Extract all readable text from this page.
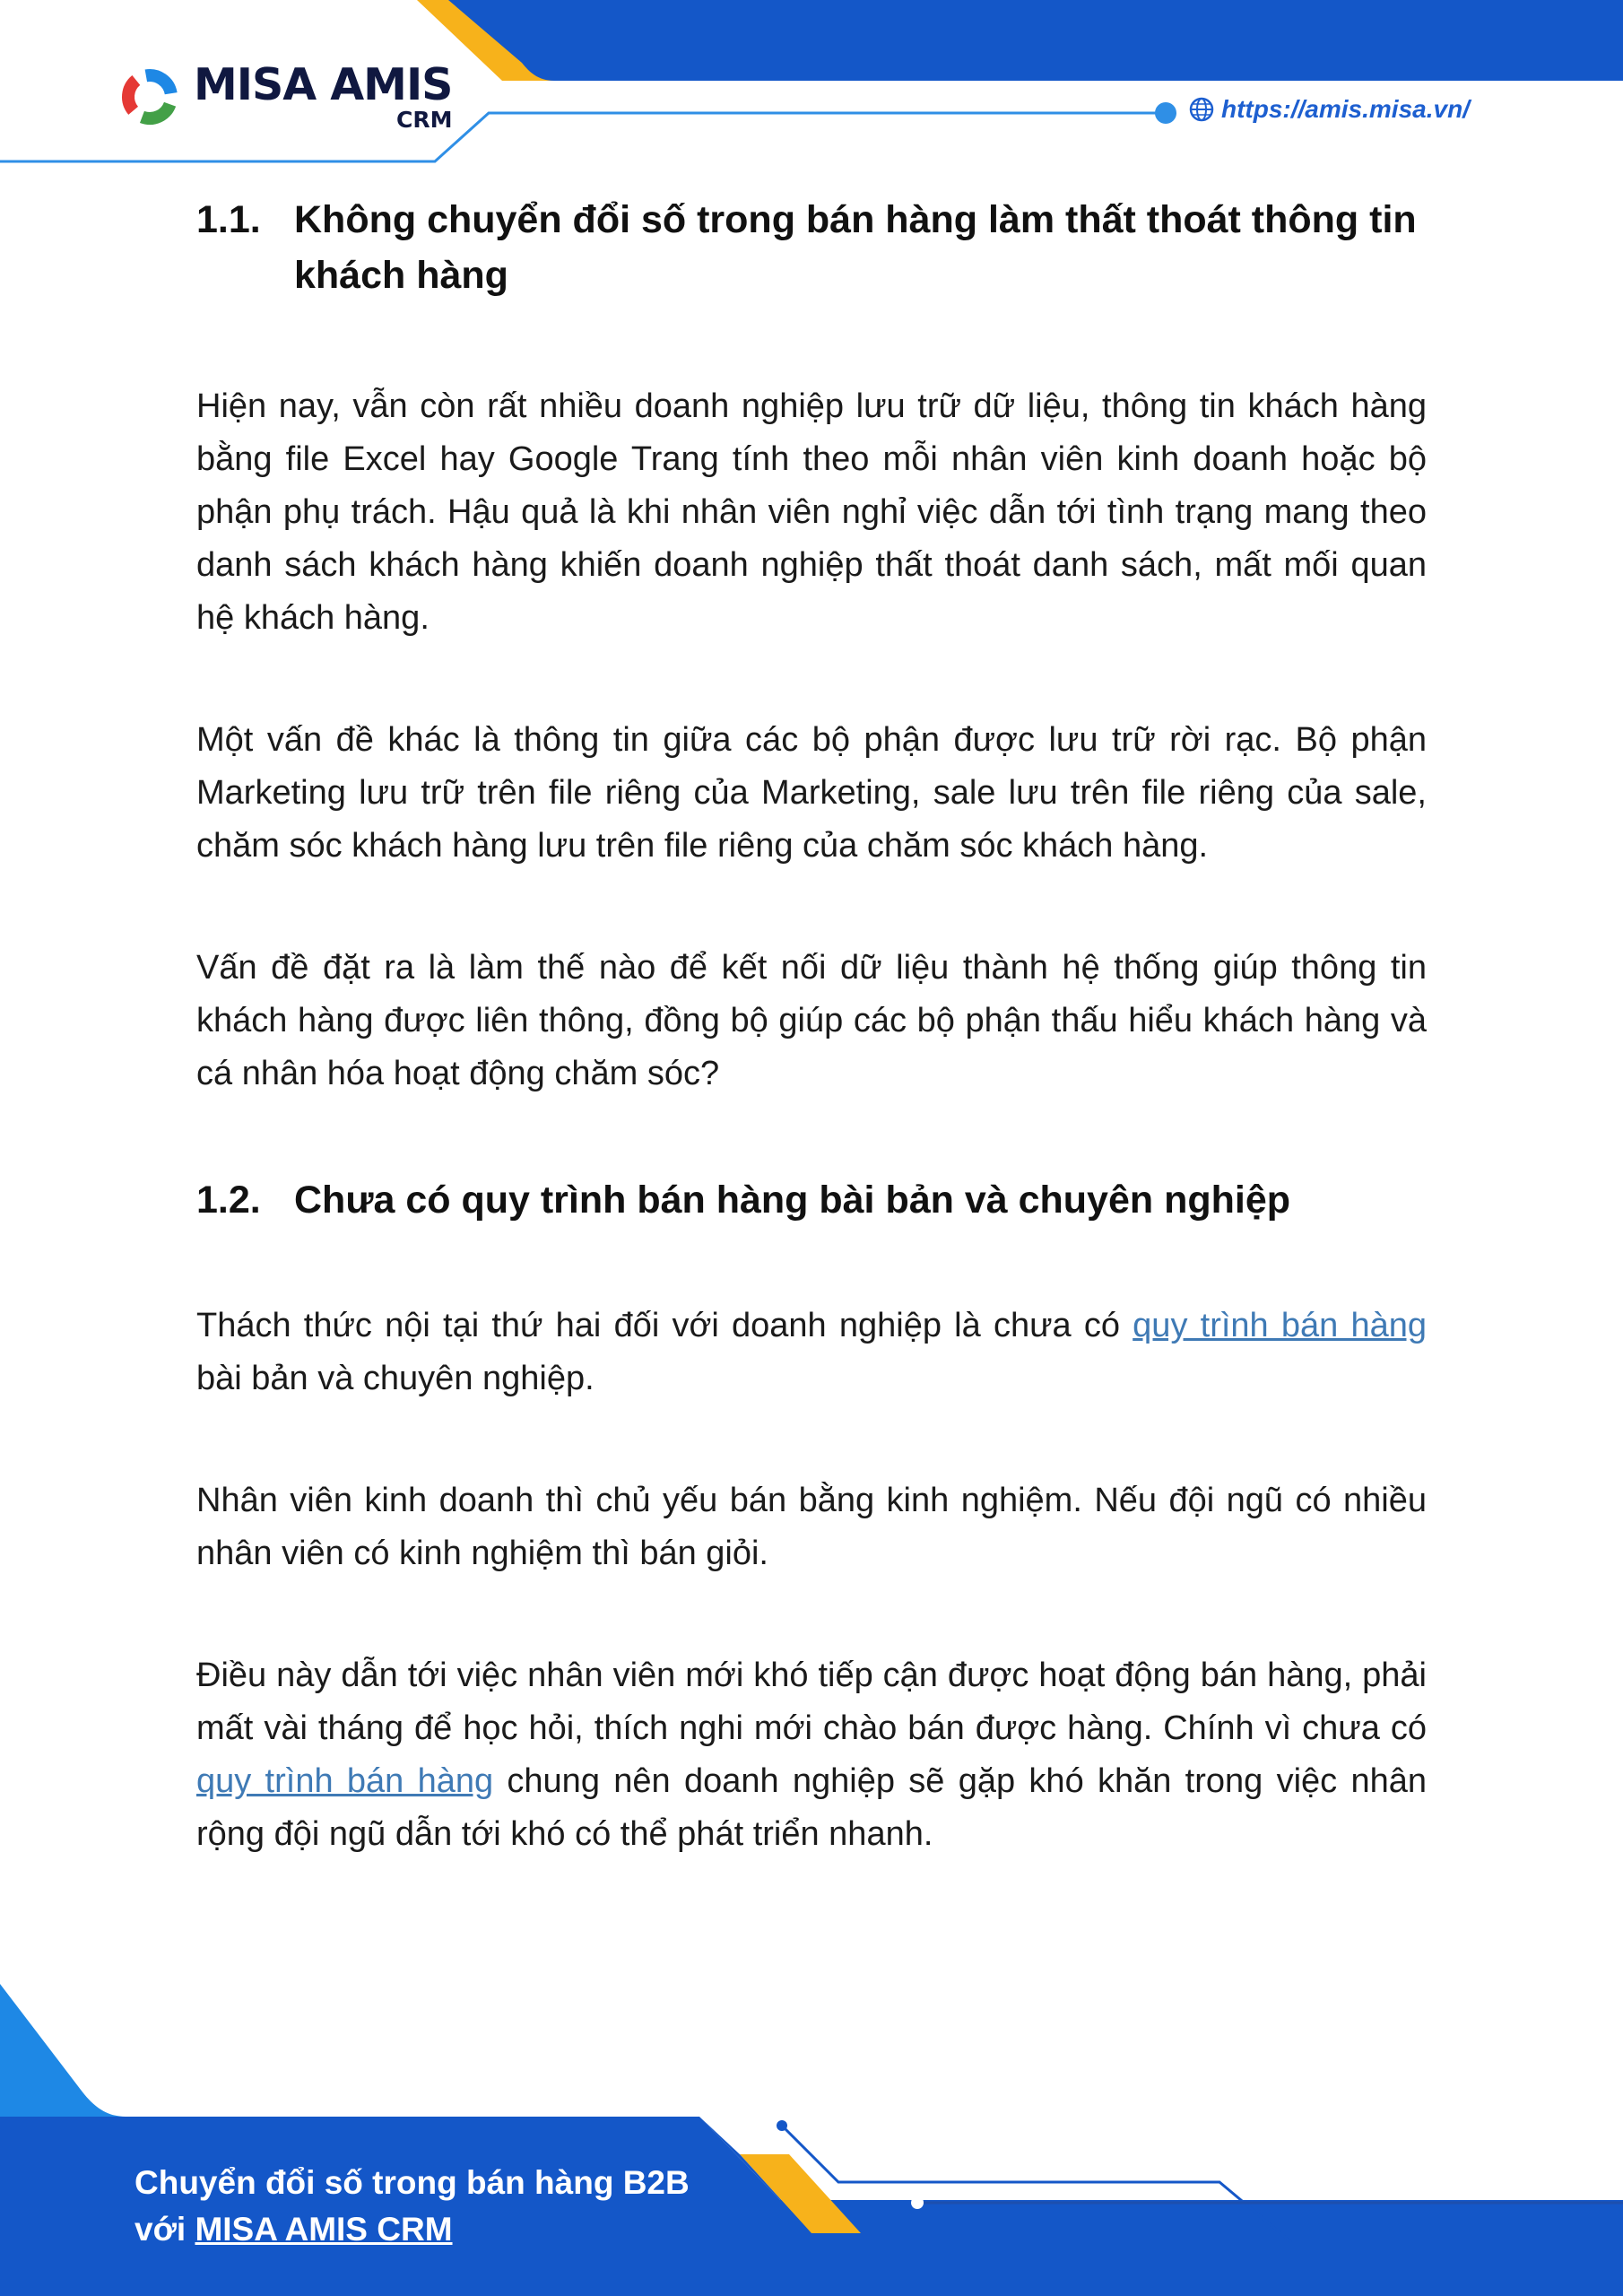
MISA AMIS
CRM	https://amis.misa.vn/
1.1. Không chuyển đổi số trong bán hàng làm thất thoát thông tin khách hàng

Hiện nay, vẫn còn rất nhiều doanh nghiệp lưu trữ dữ liệu, thông tin khách hàng bằng file Excel hay Google Trang tính theo mỗi nhân viên kinh doanh hoặc bộ phận phụ trách. Hậu quả là khi nhân viên nghỉ việc dẫn tới tình trạng mang theo danh sách khách hàng khiến doanh nghiệp thất thoát danh sách, mất mối quan hệ khách hàng.

Một vấn đề khác là thông tin giữa các bộ phận được lưu trữ rời rạc. Bộ phận Marketing lưu trữ trên file riêng của Marketing, sale lưu trên file riêng của sale, chăm sóc khách hàng lưu trên file riêng của chăm sóc khách hàng.

Vấn đề đặt ra là làm thế nào để kết nối dữ liệu thành hệ thống giúp thông tin khách hàng được liên thông, đồng bộ giúp các bộ phận thấu hiểu khách hàng và cá nhân hóa hoạt động chăm sóc?

1.2. Chưa có quy trình bán hàng bài bản và chuyên nghiệp

Thách thức nội tại thứ hai đối với doanh nghiệp là chưa có quy trình bán hàng bài bản và chuyên nghiệp.

Nhân viên kinh doanh thì chủ yếu bán bằng kinh nghiệm. Nếu đội ngũ có nhiều nhân viên có kinh nghiệm thì bán giỏi.

Điều này dẫn tới việc nhân viên mới khó tiếp cận được hoạt động bán hàng, phải mất vài tháng để học hỏi, thích nghi mới chào bán được hàng. Chính vì chưa có quy trình bán hàng chung nên doanh nghiệp sẽ gặp khó khăn trong việc nhân rộng đội ngũ dẫn tới khó có thể phát triển nhanh.

Chuyển đổi số trong bán hàng B2B
với MISA AMIS CRM
